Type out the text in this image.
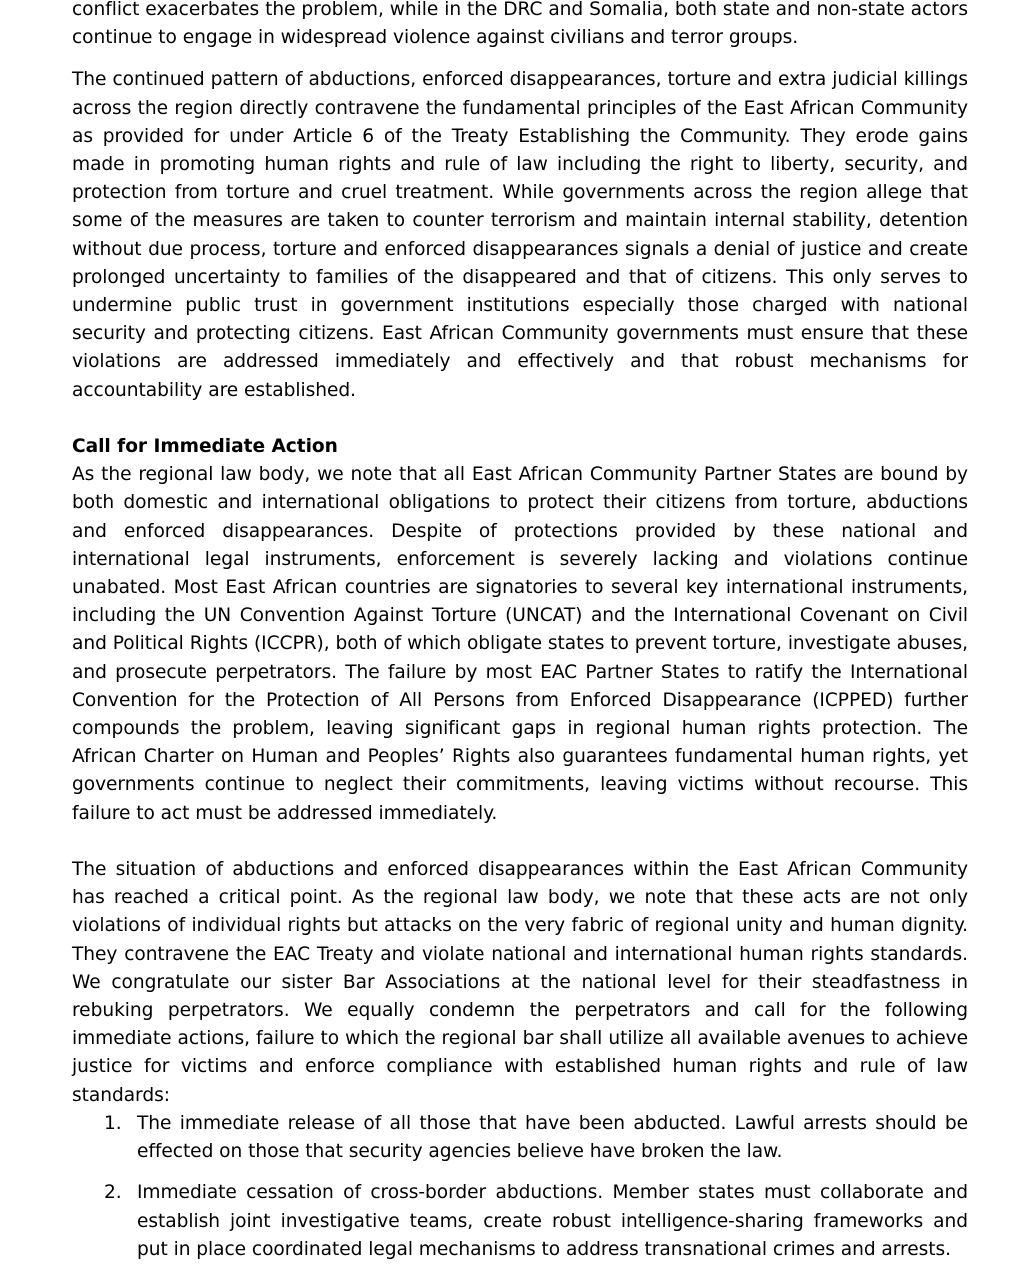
conflict exacerbates the problem, while in the DRC and Somalia, both state and non-state actors continue to engage in widespread violence against civilians and terror groups.

The continued pattern of abductions, enforced disappearances, torture and extra judicial killings across the region directly contravene the fundamental principles of the East African Community as provided for under Article 6 of the Treaty Establishing the Community. They erode gains made in promoting human rights and rule of law including the right to liberty, security, and protection from torture and cruel treatment. While governments across the region allege that some of the measures are taken to counter terrorism and maintain internal stability, detention without due process, torture and enforced disappearances signals a denial of justice and create prolonged uncertainty to families of the disappeared and that of citizens. This only serves to undermine public trust in government institutions especially those charged with national security and protecting citizens. East African Community governments must ensure that these violations are addressed immediately and effectively and that robust mechanisms for accountability are established.

Call for Immediate Action

As the regional law body, we note that all East African Community Partner States are bound by both domestic and international obligations to protect their citizens from torture, abductions and enforced disappearances. Despite of protections provided by these national and international legal instruments, enforcement is severely lacking and violations continue unabated. Most East African countries are signatories to several key international instruments, including the UN Convention Against Torture (UNCAT) and the International Covenant on Civil and Political Rights (ICCPR), both of which obligate states to prevent torture, investigate abuses, and prosecute perpetrators. The failure by most EAC Partner States to ratify the International Convention for the Protection of All Persons from Enforced Disappearance (ICPPED) further compounds the problem, leaving significant gaps in regional human rights protection. The African Charter on Human and Peoples’ Rights also guarantees fundamental human rights, yet governments continue to neglect their commitments, leaving victims without recourse. This failure to act must be addressed immediately.

The situation of abductions and enforced disappearances within the East African Community has reached a critical point. As the regional law body, we note that these acts are not only violations of individual rights but attacks on the very fabric of regional unity and human dignity. They contravene the EAC Treaty and violate national and international human rights standards. We congratulate our sister Bar Associations at the national level for their steadfastness in rebuking perpetrators. We equally condemn the perpetrators and call for the following immediate actions, failure to which the regional bar shall utilize all available avenues to achieve justice for victims and enforce compliance with established human rights and rule of law standards:

The immediate release of all those that have been abducted. Lawful arrests should be effected on those that security agencies believe have broken the law.
Immediate cessation of cross-border abductions. Member states must collaborate and establish joint investigative teams, create robust intelligence-sharing frameworks and put in place coordinated legal mechanisms to address transnational crimes and arrests.
